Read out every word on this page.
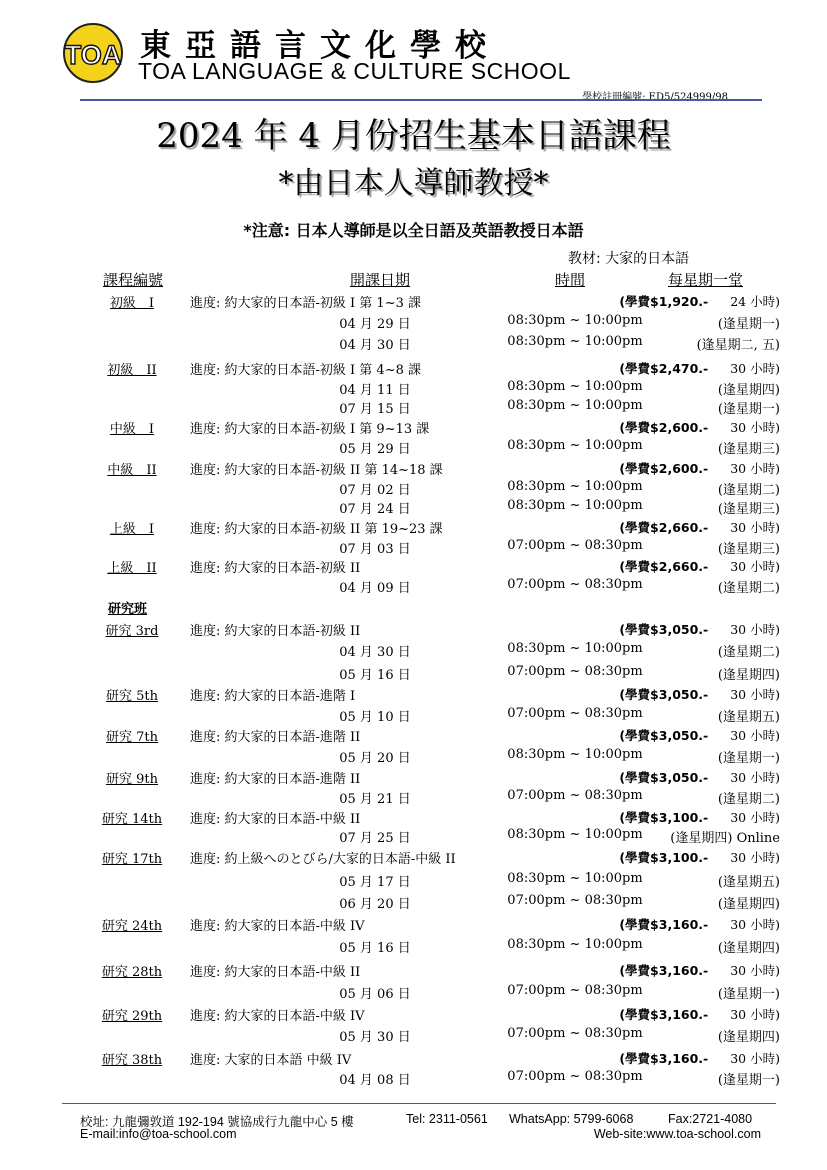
TOA 東亞語言文化學校
TOA LANGUAGE & CULTURE SCHOOL
學校註冊編號: ED5/524999/98
2024 年 4 月份招生基本日語課程
*由日本人導師教授*
*注意: 日本人導師是以全日語及英語教授日本語
教材: 大家的日本語
課程編號	開課日期	時間	每星期一堂
初級　I	進度: 約大家的日本語-初級 I 第 1~3 課	(學費$1,920.- 24 小時)
04 月 29 日	08:30pm ~ 10:00pm	(逢星期一)
04 月 30 日	08:30pm ~ 10:00pm	(逢星期二, 五)
初級　II	進度: 約大家的日本語-初級 I 第 4~8 課	(學費$2,470.- 30 小時)
04 月 11 日	08:30pm ~ 10:00pm	(逢星期四)
07 月 15 日	08:30pm ~ 10:00pm	(逢星期一)
中級　I	進度: 約大家的日本語-初級 I 第 9~13 課	(學費$2,600.- 30 小時)
05 月 29 日	08:30pm ~ 10:00pm	(逢星期三)
中級　II	進度: 約大家的日本語-初級 II 第 14~18 課	(學費$2,600.- 30 小時)
07 月 02 日	08:30pm ~ 10:00pm	(逢星期二)
07 月 24 日	08:30pm ~ 10:00pm	(逢星期三)
上級　I	進度: 約大家的日本語-初級 II 第 19~23 課	(學費$2,660.- 30 小時)
07 月 03 日	07:00pm ~ 08:30pm	(逢星期三)
上級　II	進度: 約大家的日本語-初級 II	(學費$2,660.- 30 小時)
04 月 09 日	07:00pm ~ 08:30pm	(逢星期二)
研究班
研究 3rd	進度: 約大家的日本語-初級 II	(學費$3,050.- 30 小時)
04 月 30 日	08:30pm ~ 10:00pm	(逢星期二)
05 月 16 日	07:00pm ~ 08:30pm	(逢星期四)
研究 5th	進度: 約大家的日本語-進階 I	(學費$3,050.- 30 小時)
05 月 10 日	07:00pm ~ 08:30pm	(逢星期五)
研究 7th	進度: 約大家的日本語-進階 II	(學費$3,050.- 30 小時)
05 月 20 日	08:30pm ~ 10:00pm	(逢星期一)
研究 9th	進度: 約大家的日本語-進階 II	(學費$3,050.- 30 小時)
05 月 21 日	07:00pm ~ 08:30pm	(逢星期二)
研究 14th 進度: 約大家的日本語-中級 II	(學費$3,100.- 30 小時)
07 月 25 日	08:30pm ~ 10:00pm	(逢星期四) Online
研究 17th 進度: 約上級へのとびら/大家的日本語-中級 II	(學費$3,100.- 30 小時)
05 月 17 日	08:30pm ~ 10:00pm	(逢星期五)
06 月 20 日	07:00pm ~ 08:30pm	(逢星期四)
研究 24th 進度: 約大家的日本語-中級 IV	(學費$3,160.- 30 小時)
05 月 16 日	08:30pm ~ 10:00pm	(逢星期四)
研究 28th 進度: 約大家的日本語-中級 II	(學費$3,160.- 30 小時)
05 月 06 日	07:00pm ~ 08:30pm	(逢星期一)
研究 29th 進度: 約大家的日本語-中級 IV	(學費$3,160.- 30 小時)
05 月 30 日	07:00pm ~ 08:30pm	(逢星期四)
研究 38th 進度: 大家的日本語 中級 IV	(學費$3,160.- 30 小時)
04 月 08 日	07:00pm ~ 08:30pm	(逢星期一)
校址: 九龍彌敦道 192-194 號協成行九龍中心 5 樓	Tel: 2311-0561 WhatsApp: 5799-6068	Fax:2721-4080
E-mail:info@toa-school.com	Web-site:www.toa-school.com
